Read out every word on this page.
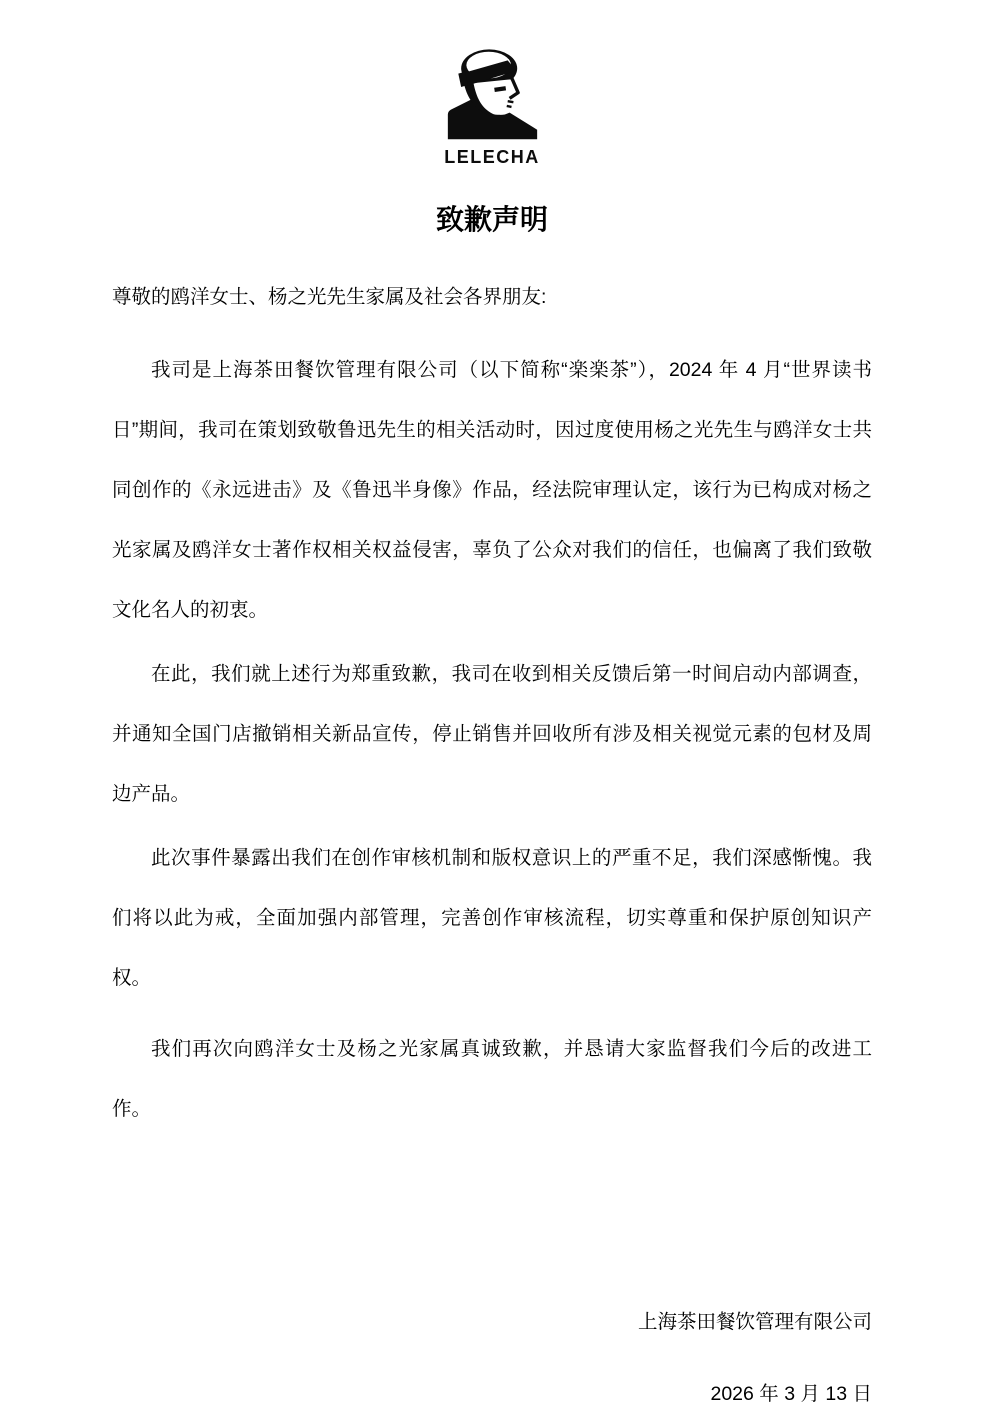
LELECHA
致歉声明

尊敬的鸥洋女士、杨之光先生家属及社会各界朋友:

我司是上海茶田餐饮管理有限公司（以下简称“楽楽茶”），2024 年 4 月“世界读书日”期间，我司在策划致敬鲁迅先生的相关活动时，因过度使用杨之光先生与鸥洋女士共同创作的《永远进击》及《鲁迅半身像》作品，经法院审理认定，该行为已构成对杨之光家属及鸥洋女士著作权相关权益侵害，辜负了公众对我们的信任，也偏离了我们致敬文化名人的初衷。

在此，我们就上述行为郑重致歉，我司在收到相关反馈后第一时间启动内部调查，并通知全国门店撤销相关新品宣传，停止销售并回收所有涉及相关视觉元素的包材及周边产品。

此次事件暴露出我们在创作审核机制和版权意识上的严重不足，我们深感惭愧。我们将以此为戒，全面加强内部管理，完善创作审核流程，切实尊重和保护原创知识产权。

我们再次向鸥洋女士及杨之光家属真诚致歉，并恳请大家监督我们今后的改进工作。

上海茶田餐饮管理有限公司
2026 年 3 月 13 日
